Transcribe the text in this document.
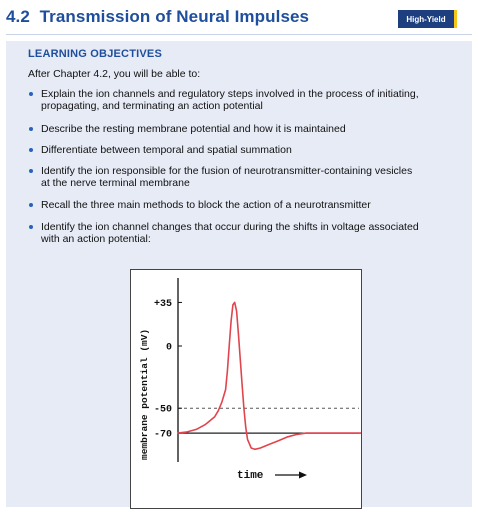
4.2 Transmission of Neural Impulses	High-Yield
LEARNING OBJECTIVES

After Chapter 4.2, you will be able to:

Explain the ion channels and regulatory steps involved in the process of initiating,
propagating, and terminating an action potential
Describe the resting membrane potential and how it is maintained
Differentiate between temporal and spatial summation
Identify the ion responsible for the fusion of neurotransmitter-containing vesicles
at the nerve terminal membrane
Recall the three main methods to block the action of a neurotransmitter
Identify the ion channel changes that occur during the shifts in voltage associated
with an action potential:
+35
0
-50
-70
membrane potential (mV)
time
